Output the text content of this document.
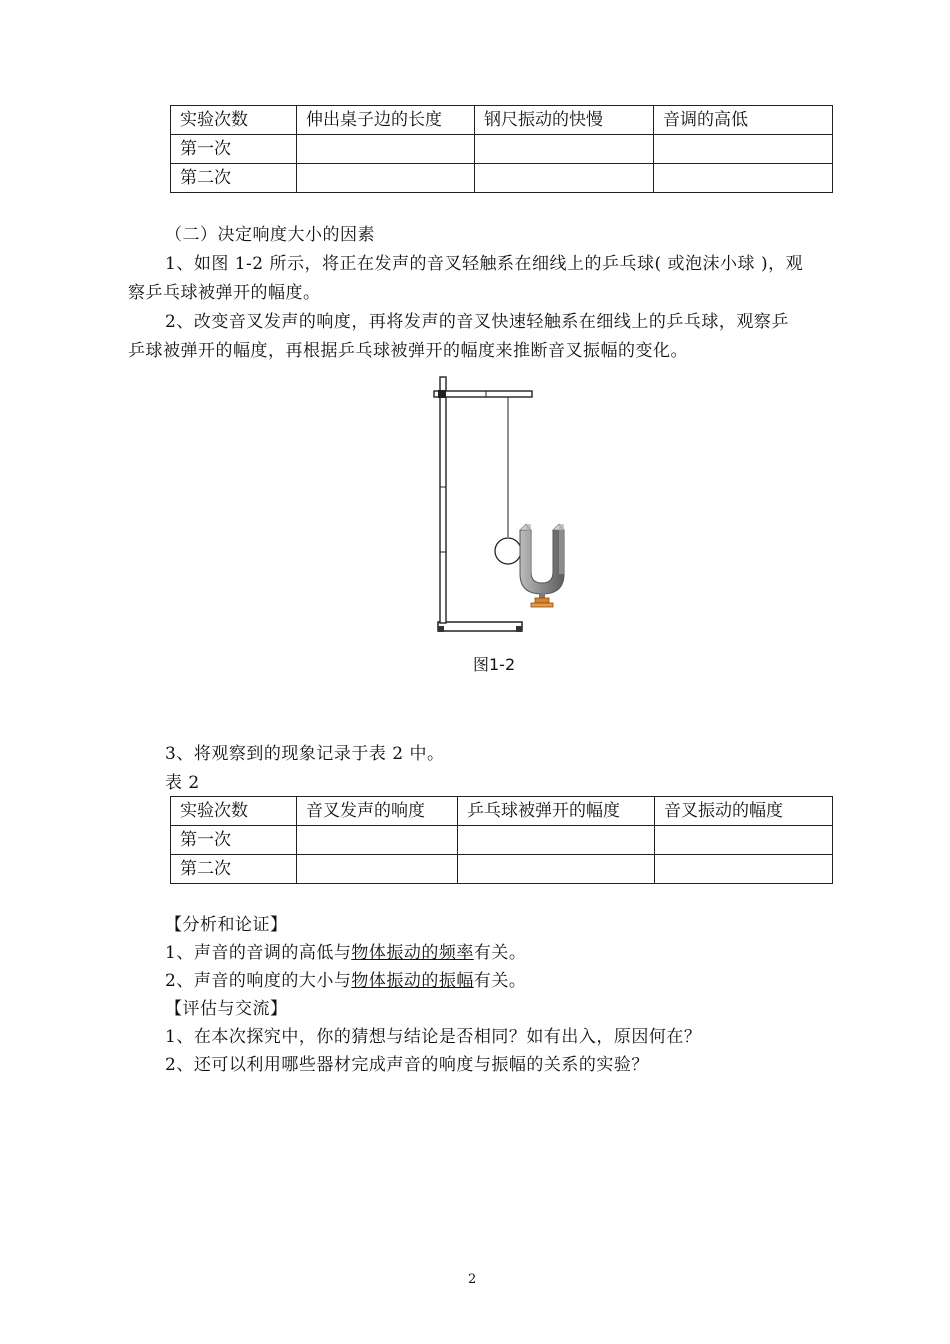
实验次数	伸出桌子边的长度	钢尺振动的快慢	音调的高低
第一次			
第二次			
（二）决定响度大小的因素
1、如图 1-2 所示，将正在发声的音叉轻触系在细线上的乒乓球( 或泡沫小球 )，观
察乒乓球被弹开的幅度。
2、改变音叉发声的响度，再将发声的音叉快速轻触系在细线上的乒乓球，观察乒
乒球被弹开的幅度，再根据乒乓球被弹开的幅度来推断音叉振幅的变化。
图1-2
3、将观察到的现象记录于表 2 中。
表 2
实验次数	音叉发声的响度	乒乓球被弹开的幅度	音叉振动的幅度
第一次			
第二次			
【分析和论证】
1、声音的音调的高低与物体振动的频率有关。
2、声音的响度的大小与物体振动的振幅有关。
【评估与交流】
1、在本次探究中，你的猜想与结论是否相同？如有出入，原因何在？
2、还可以利用哪些器材完成声音的响度与振幅的关系的实验？
2
